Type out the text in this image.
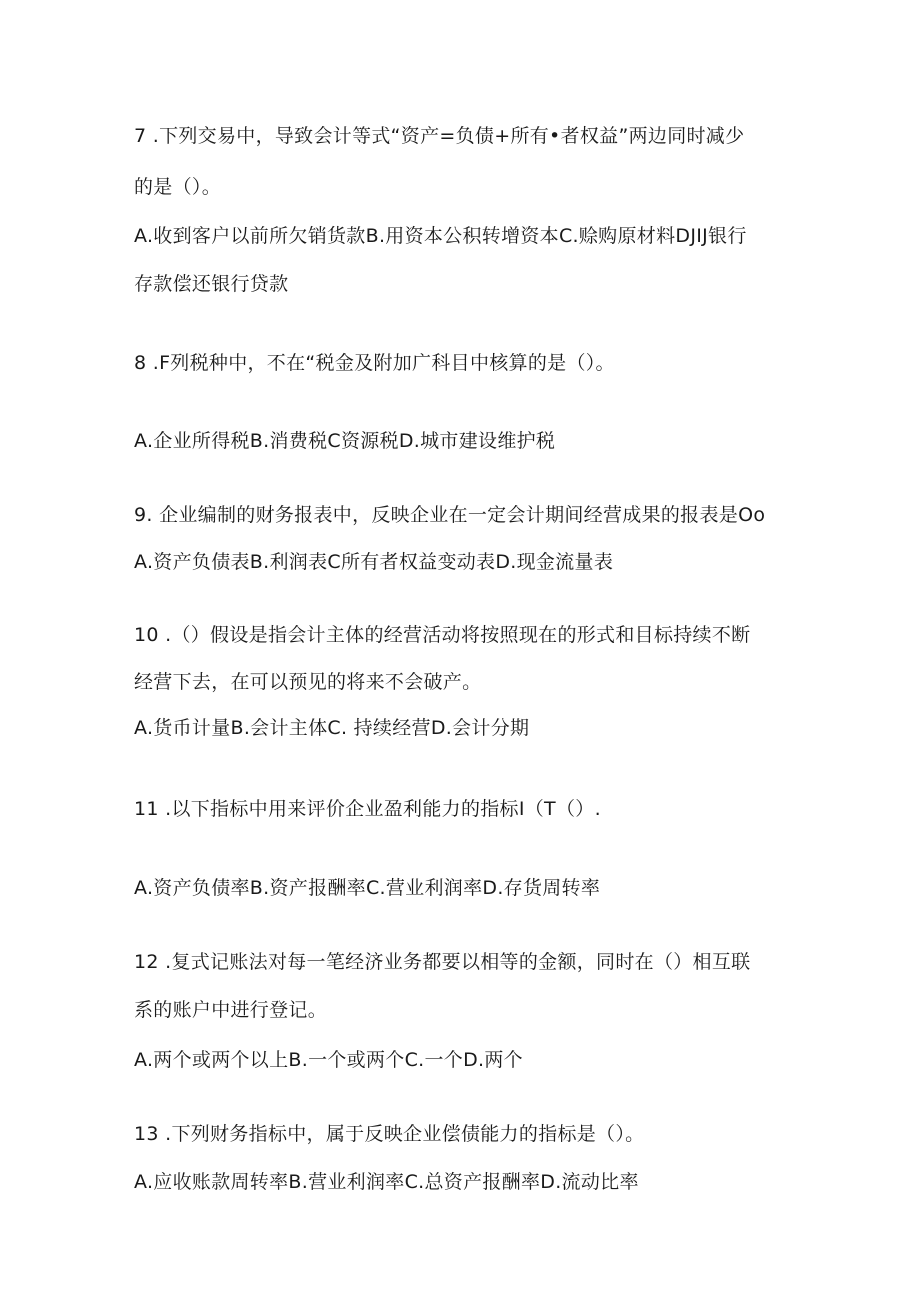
7 .下列交易中，导致会计等式“资产=负债+所有•者权益”两边同时减少
的是（）。
A.收到客户以前所欠销货款B.用资本公积转增资本C.赊购原材料DJIJ银行
存款偿还银行贷款
8 .F列税种中，不在“税金及附加广科目中核算的是（）。
A.企业所得税B.消费税C资源税D.城市建设维护税
9. 企业编制的财务报表中，反映企业在一定会计期间经营成果的报表是Oo
A.资产负债表B.利润表C所有者权益变动表D.现金流量表
10 .（）假设是指会计主体的经营活动将按照现在的形式和目标持续不断
经营下去，在可以预见的将来不会破产。
A.货币计量B.会计主体C. 持续经营D.会计分期
11 .以下指标中用来评价企业盈利能力的指标I（T（）.
A.资产负债率B.资产报酬率C.营业利润率D.存货周转率
12 .复式记账法对每一笔经济业务都要以相等的金额，同时在（）相互联
系的账户中进行登记。
A.两个或两个以上B.一个或两个C.一个D.两个
13 .下列财务指标中，属于反映企业偿债能力的指标是（）。
A.应收账款周转率B.营业利润率C.总资产报酬率D.流动比率
